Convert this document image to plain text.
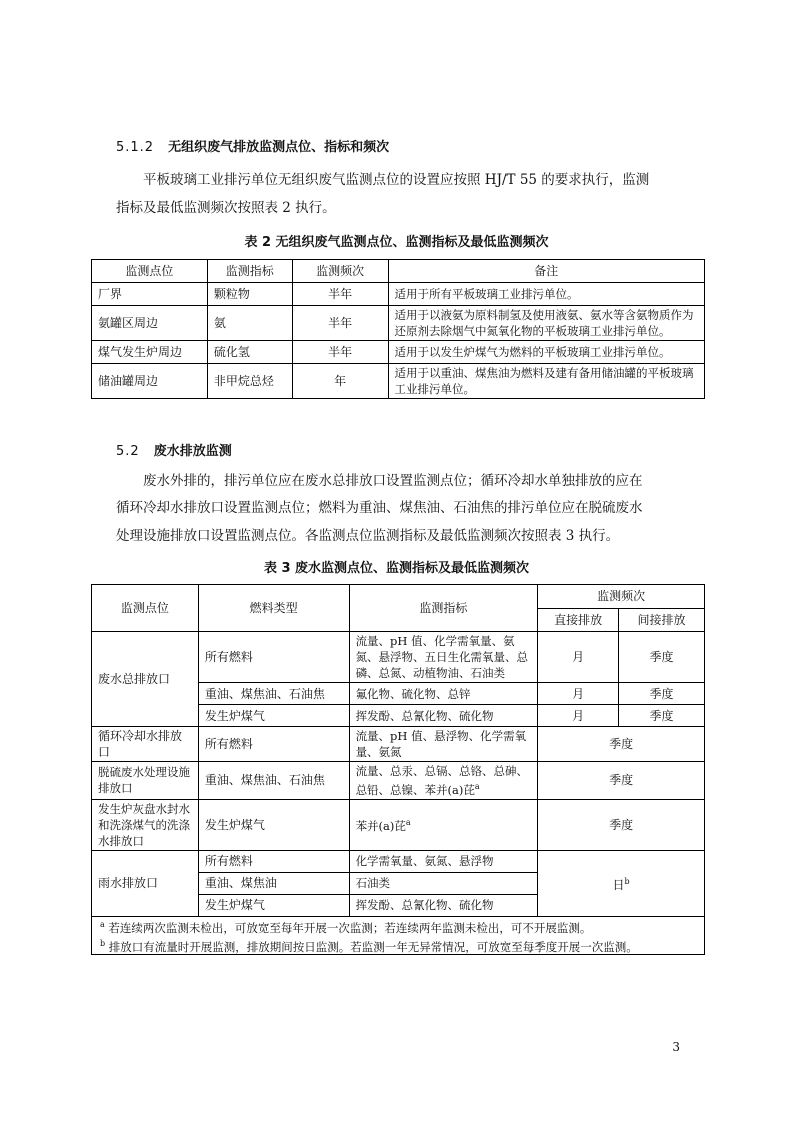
5.1.2 无组织废气排放监测点位、指标和频次
平板玻璃工业排污单位无组织废气监测点位的设置应按照 HJ/T 55 的要求执行，监测
指标及最低监测频次按照表 2 执行。
表 2 无组织废气监测点位、监测指标及最低监测频次
监测点位	监测指标	监测频次	备注
厂界	颗粒物	半年	适用于所有平板玻璃工业排污单位。
氨罐区周边	氨	半年	适用于以液氨为原料制氢及使用液氨、氨水等含氨物质作为还原剂去除烟气中氮氧化物的平板玻璃工业排污单位。
煤气发生炉周边	硫化氢	半年	适用于以发生炉煤气为燃料的平板玻璃工业排污单位。
储油罐周边	非甲烷总烃	年	适用于以重油、煤焦油为燃料及建有备用储油罐的平板玻璃工业排污单位。
5.2 废水排放监测
废水外排的，排污单位应在废水总排放口设置监测点位；循环冷却水单独排放的应在
循环冷却水排放口设置监测点位；燃料为重油、煤焦油、石油焦的排污单位应在脱硫废水
处理设施排放口设置监测点位。各监测点位监测指标及最低监测频次按照表 3 执行。
表 3 废水监测点位、监测指标及最低监测频次
监测点位	燃料类型	监测指标	监测频次	
			直接排放	间接排放
废水总排放口	所有燃料	流量、pH 值、化学需氧量、氨氮、悬浮物、五日生化需氧量、总磷、总氮、动植物油、石油类	月	季度
	重油、煤焦油、石油焦	氟化物、硫化物、总锌	月	季度
	发生炉煤气	挥发酚、总氰化物、硫化物	月	季度
循环冷却水排放口	所有燃料	流量、pH 值、悬浮物、化学需氧量、氨氮	季度	
脱硫废水处理设施排放口	重油、煤焦油、石油焦	流量、总汞、总镉、总铬、总砷、总铅、总镍、苯并(a)芘$^a$	季度	
发生炉灰盘水封水和洗涤煤气的洗涤水排放口	发生炉煤气	苯并(a)芘$^a$	季度	
雨水排放口	所有燃料	化学需氧量、氨氮、悬浮物	日$^b$
	重油、煤焦油	石油类		
	发生炉煤气	挥发酚、总氰化物、硫化物		

$^a$ 若连续两次监测未检出，可放宽至每年开展一次监测；若连续两年监测未检出，可不开展监测。
$^b$ 排放口有流量时开展监测，排放期间按日监测。若监测一年无异常情况，可放宽至每季度开展一次监测。				
3
